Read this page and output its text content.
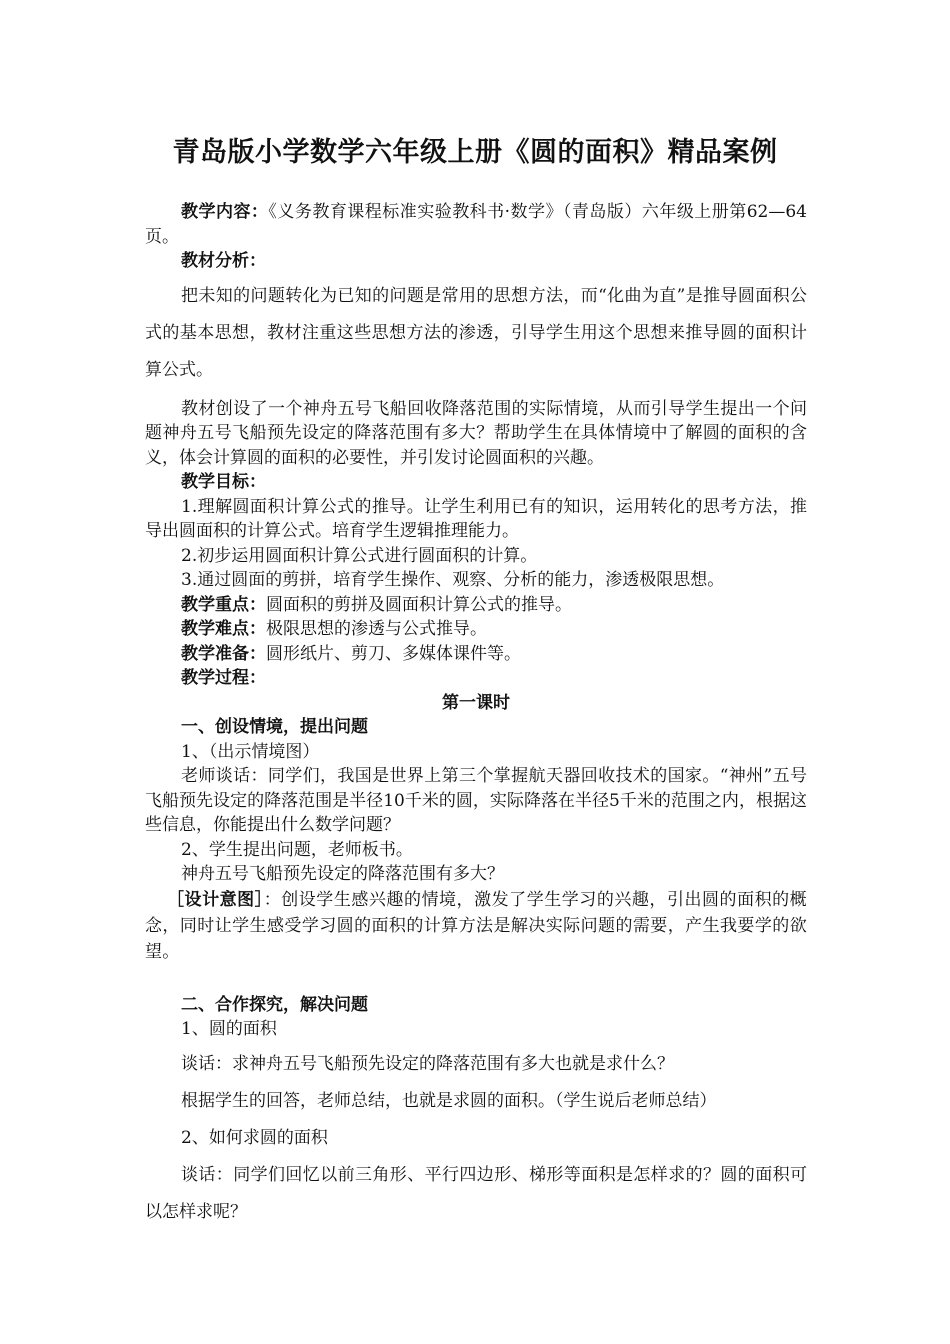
青岛版小学数学六年级上册《圆的面积》精品案例

教学内容：《义务教育课程标准实验教科书·数学》（青岛版）六年级上册第62—64页。

教材分析：

把未知的问题转化为已知的问题是常用的思想方法，而“化曲为直”是推导圆面积公式的基本思想，教材注重这些思想方法的渗透，引导学生用这个思想来推导圆的面积计算公式。

教材创设了一个神舟五号飞船回收降落范围的实际情境，从而引导学生提出一个问题神舟五号飞船预先设定的降落范围有多大？帮助学生在具体情境中了解圆的面积的含义，体会计算圆的面积的必要性，并引发讨论圆面积的兴趣。

教学目标：

1.理解圆面积计算公式的推导。让学生利用已有的知识，运用转化的思考方法，推导出圆面积的计算公式。培育学生逻辑推理能力。

2.初步运用圆面积计算公式进行圆面积的计算。

3.通过圆面的剪拼，培育学生操作、观察、分析的能力，渗透极限思想。

教学重点：圆面积的剪拼及圆面积计算公式的推导。

教学难点：极限思想的渗透与公式推导。

教学准备：圆形纸片、剪刀、多媒体课件等。

教学过程：

第一课时

一、创设情境，提出问题

1、（出示情境图）

老师谈话：同学们，我国是世界上第三个掌握航天器回收技术的国家。“神州”五号飞船预先设定的降落范围是半径10千米的圆，实际降落在半径5千米的范围之内，根据这些信息，你能提出什么数学问题？

2、学生提出问题，老师板书。

神舟五号飞船预先设定的降落范围有多大？

［设计意图］：创设学生感兴趣的情境，激发了学生学习的兴趣，引出圆的面积的概念，同时让学生感受学习圆的面积的计算方法是解决实际问题的需要，产生我要学的欲望。

二、合作探究，解决问题

1、圆的面积

谈话：求神舟五号飞船预先设定的降落范围有多大也就是求什么？

根据学生的回答，老师总结，也就是求圆的面积。（学生说后老师总结）

2、如何求圆的面积

谈话：同学们回忆以前三角形、平行四边形、梯形等面积是怎样求的？圆的面积可以怎样求呢？
